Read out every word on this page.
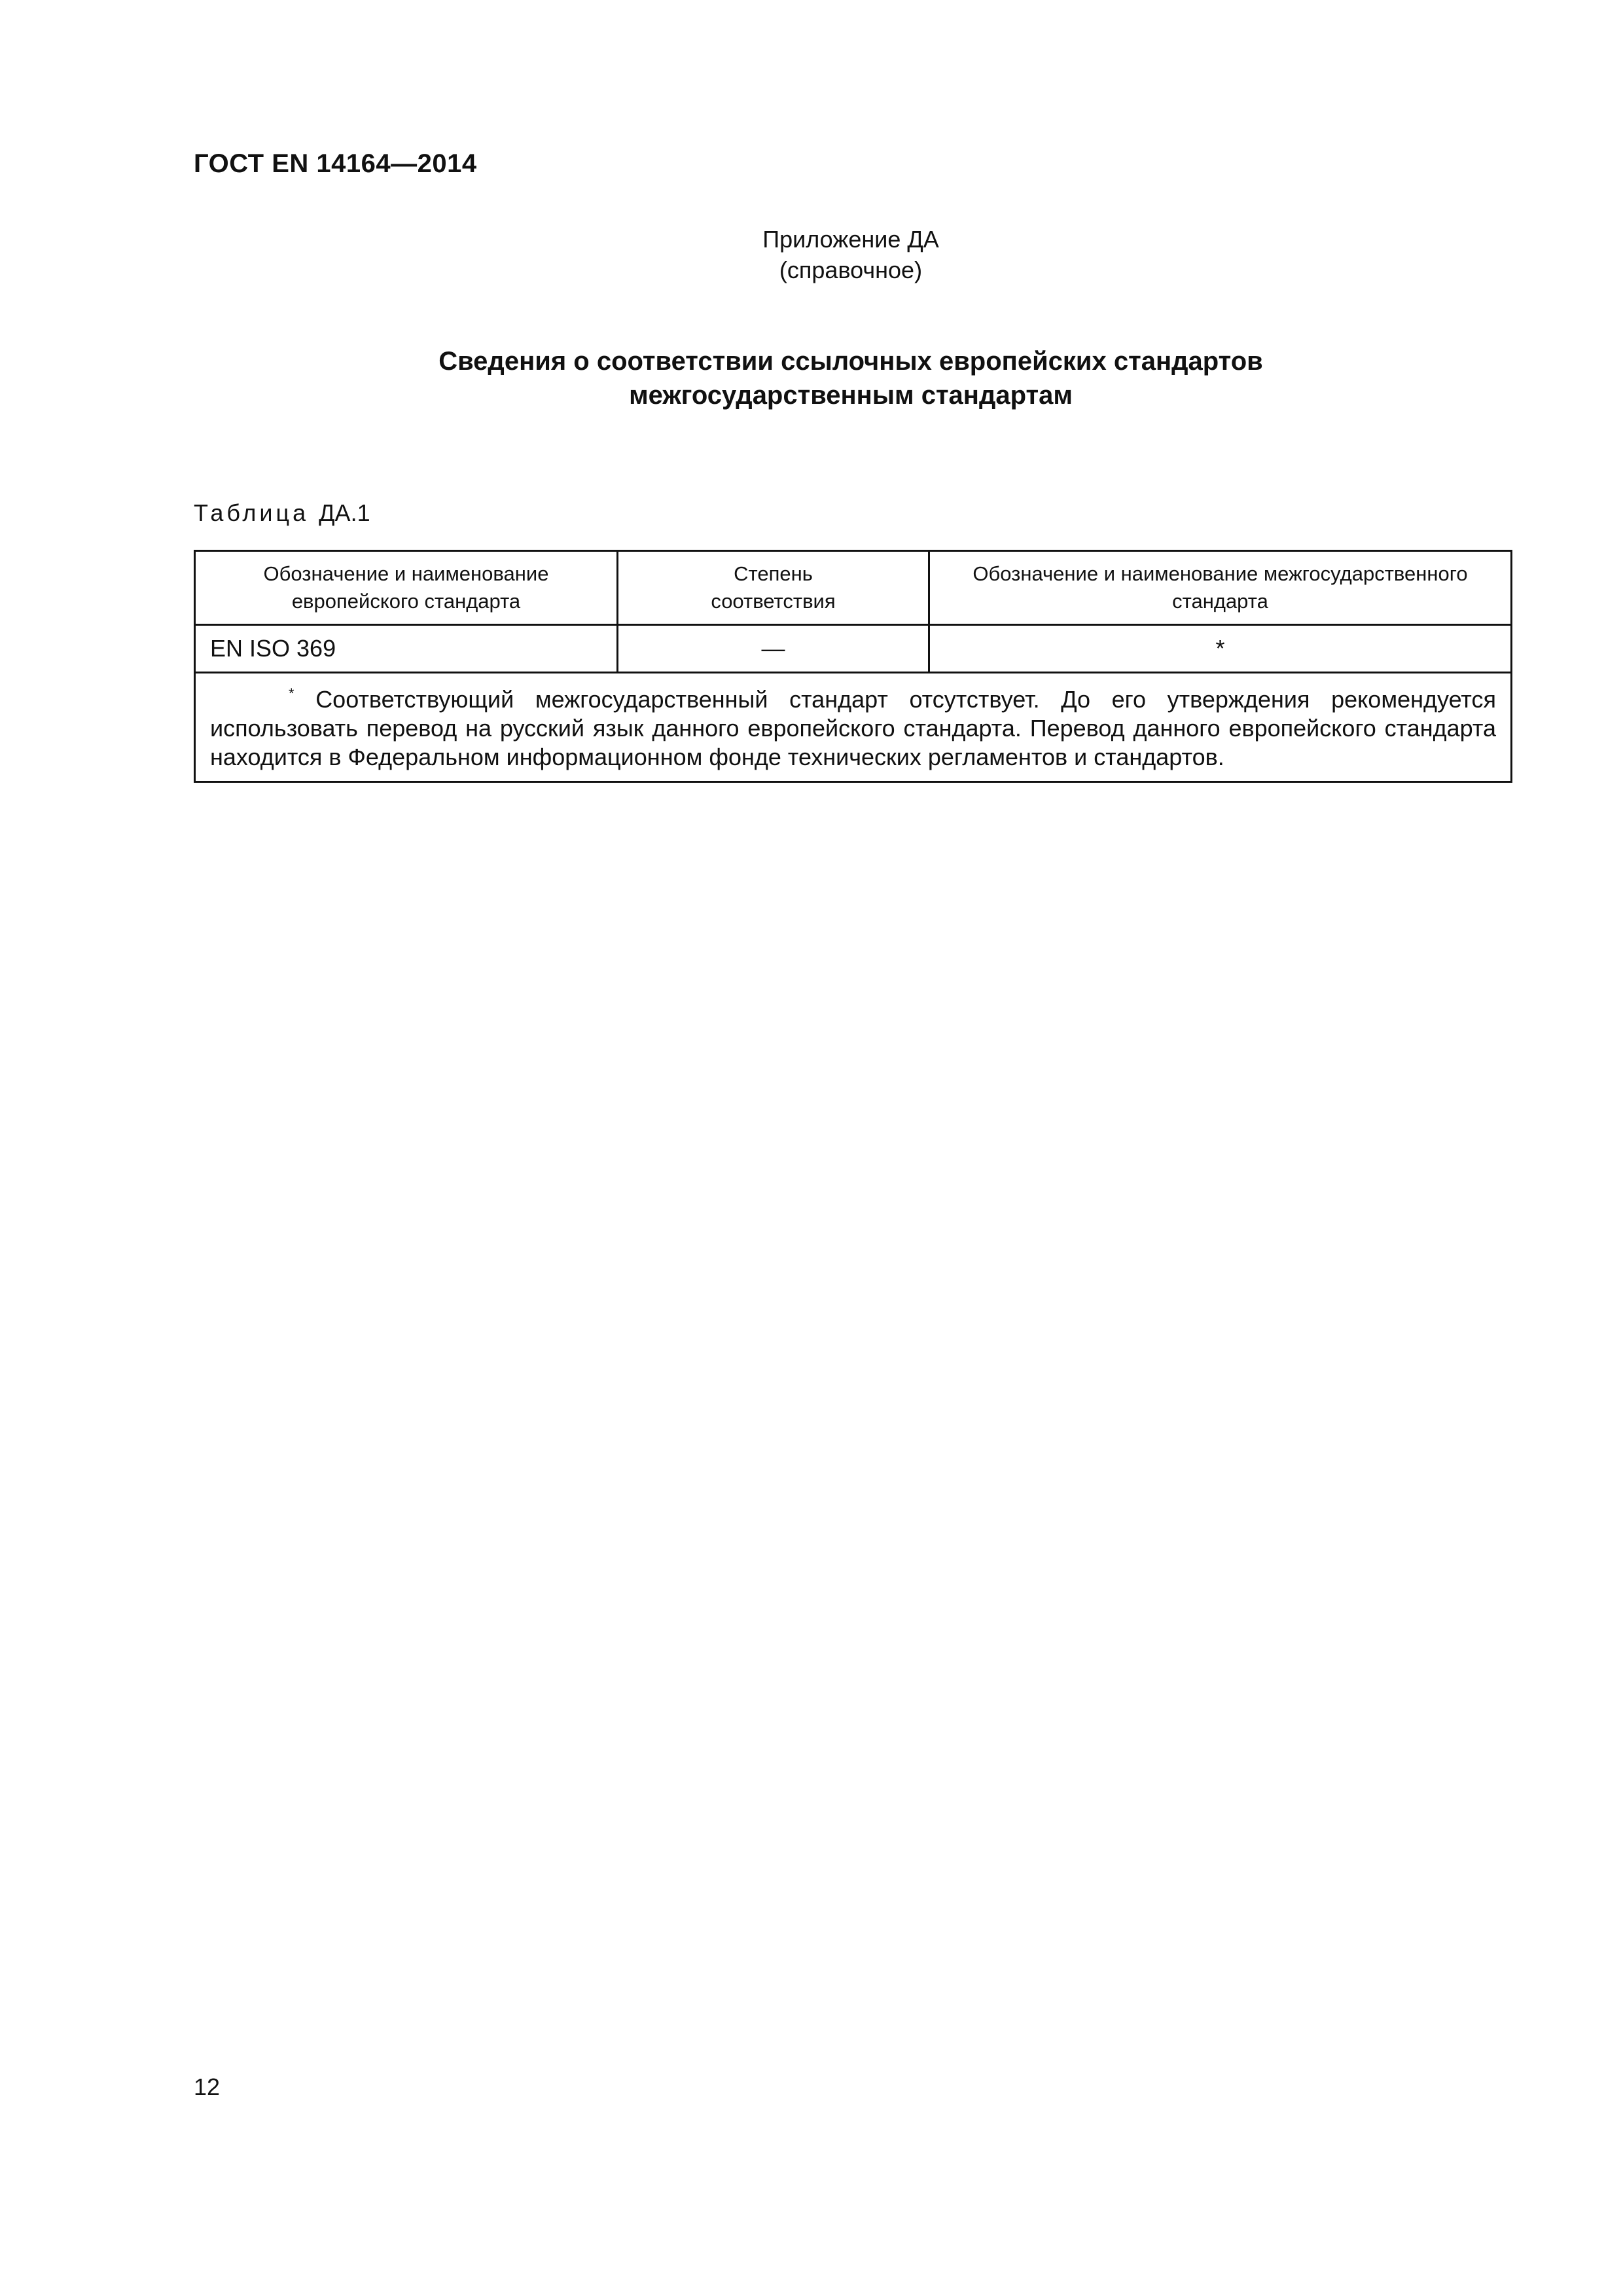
ГОСТ EN 14164—2014
Приложение ДА
(справочное)
Сведения о соответствии ссылочных европейских стандартов
межгосударственным стандартам
Таблица ДА.1
Обозначение и наименование европейского стандарта	Степень соответствия	Обозначение и наименование межгосударственного стандарта
EN ISO 369	—	*
* Соответствующий межгосударственный стандарт отсутствует. До его утверждения рекомендуется использовать перевод на русский язык данного европейского стандарта. Перевод данного европейского стандарта находится в Федеральном информационном фонде технических регламентов и стандартов.		
12
